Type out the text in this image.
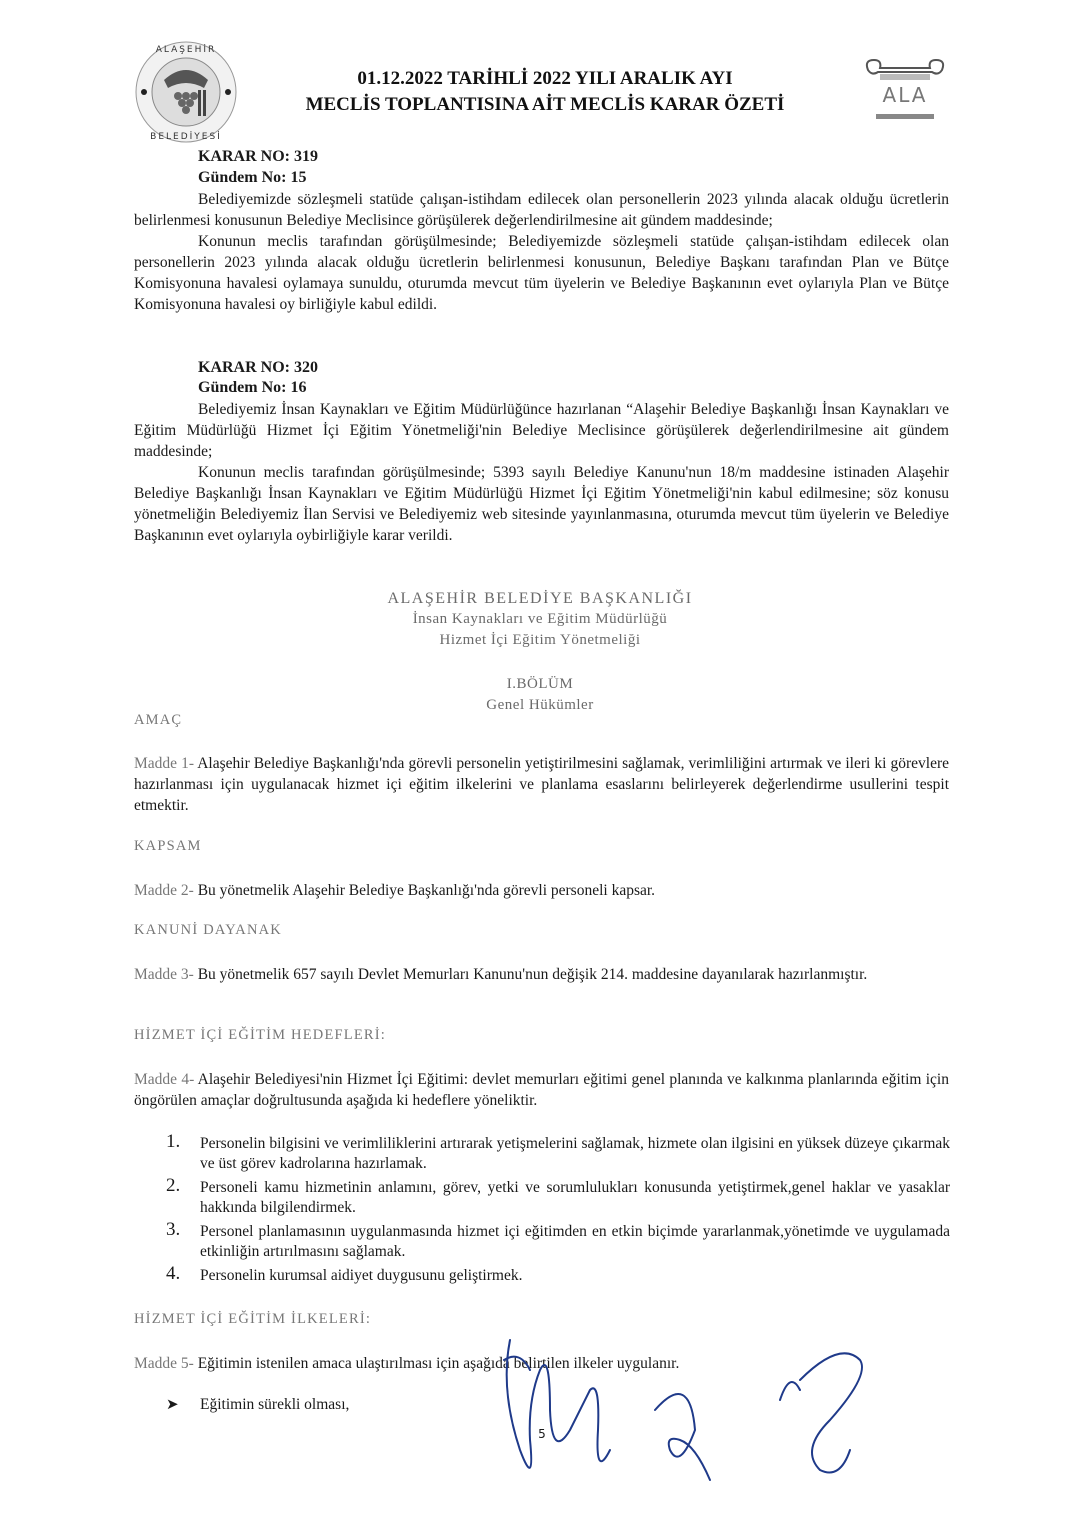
ALAŞEHİR
BELEDİYESİ
ALA
01.12.2022 TARİHLİ 2022 YILI ARALIK AYI
MECLİS TOPLANTISINA AİT MECLİS KARAR ÖZETİ
KARAR NO: 319
Gündem No: 15

Belediyemizde sözleşmeli statüde çalışan-istihdam edilecek olan personellerin 2023 yılında alacak olduğu ücretlerin belirlenmesi konusunun Belediye Meclisince görüşülerek değerlendirilmesine ait gündem maddesinde;

Konunun meclis tarafından görüşülmesinde; Belediyemizde sözleşmeli statüde çalışan-istihdam edilecek olan personellerin 2023 yılında alacak olduğu ücretlerin belirlenmesi konusunun, Belediye Başkanı tarafından Plan ve Bütçe Komisyonuna havalesi oylamaya sunuldu, oturumda mevcut tüm üyelerin ve Belediye Başkanının evet oylarıyla Plan ve Bütçe Komisyonuna havalesi oy birliğiyle kabul edildi.

KARAR NO: 320
Gündem No: 16

Belediyemiz İnsan Kaynakları ve Eğitim Müdürlüğünce hazırlanan “Alaşehir Belediye Başkanlığı İnsan Kaynakları ve Eğitim Müdürlüğü Hizmet İçi Eğitim Yönetmeliği'nin Belediye Meclisince görüşülerek değerlendirilmesine ait gündem maddesinde;

Konunun meclis tarafından görüşülmesinde; 5393 sayılı Belediye Kanunu'nun 18/m maddesine istinaden Alaşehir Belediye Başkanlığı İnsan Kaynakları ve Eğitim Müdürlüğü Hizmet İçi Eğitim Yönetmeliği'nin kabul edilmesine; söz konusu yönetmeliğin Belediyemiz İlan Servisi ve Belediyemiz web sitesinde yayınlanmasına, oturumda mevcut tüm üyelerin ve Belediye Başkanının evet oylarıyla oybirliğiyle karar verildi.

ALAŞEHİR BELEDİYE BAŞKANLIĞI
İnsan Kaynakları ve Eğitim Müdürlüğü
Hizmet İçi Eğitim Yönetmeliği
I.BÖLÜM
Genel Hükümler
AMAÇ

Madde 1- Alaşehir Belediye Başkanlığı'nda görevli personelin yetiştirilmesini sağlamak, verimliliğini artırmak ve ileri ki görevlere hazırlanması için uygulanacak hizmet içi eğitim ilkelerini ve planlama esaslarını belirleyerek değerlendirme usullerini tespit etmektir.

KAPSAM

Madde 2- Bu yönetmelik Alaşehir Belediye Başkanlığı'nda görevli personeli kapsar.

KANUNİ DAYANAK

Madde 3- Bu yönetmelik 657 sayılı Devlet Memurları Kanunu'nun değişik 214. maddesine dayanılarak hazırlanmıştır.

HİZMET İÇİ EĞİTİM HEDEFLERİ:

Madde 4- Alaşehir Belediyesi'nin Hizmet İçi Eğitimi: devlet memurları eğitimi genel planında ve kalkınma planlarında eğitim için öngörülen amaçlar doğrultusunda aşağıda ki hedeflere yöneliktir.

1. Personelin bilgisini ve verimliliklerini artırarak yetişmelerini sağlamak, hizmete olan ilgisini en yüksek düzeye çıkarmak ve üst görev kadrolarına hazırlamak.
2. Personeli kamu hizmetinin anlamını, görev, yetki ve sorumlulukları konusunda yetiştirmek,genel haklar ve yasaklar hakkında bilgilendirmek.
3. Personel planlamasının uygulanmasında hizmet içi eğitimden en etkin biçimde yararlanmak,yönetimde ve uygulamada etkinliğin artırılmasını sağlamak.
4. Personelin kurumsal aidiyet duygusunu geliştirmek.
HİZMET İÇİ EĞİTİM İLKELERİ:

Madde 5- Eğitimin istenilen amaca ulaştırılması için aşağıda belirtilen ilkeler uygulanır.

➤ Eğitimin sürekli olması,
5
